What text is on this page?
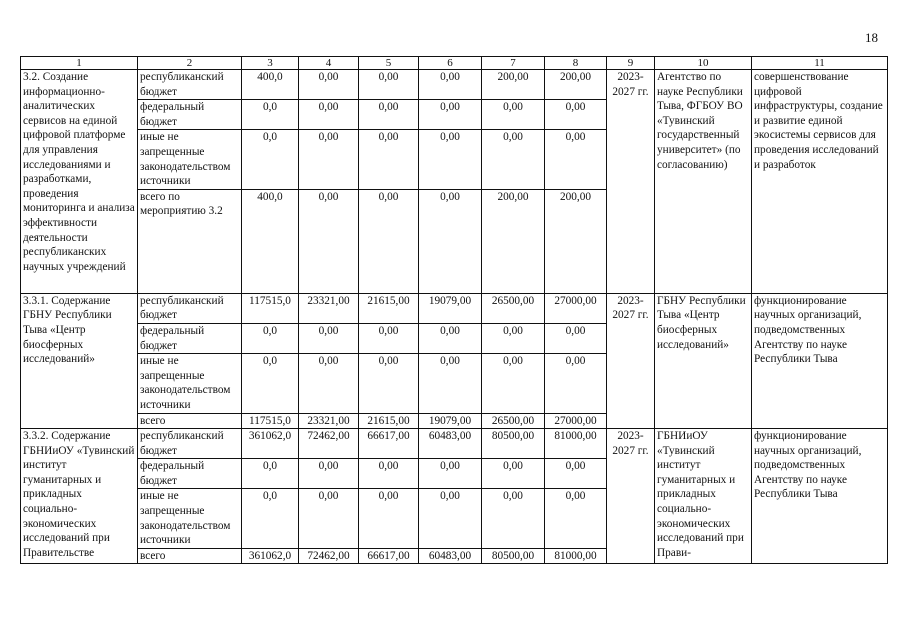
18
1	2	3	4	5	6	7	8	9	10	11
3.2. Создание информационно-аналитических сервисов на единой цифровой платформе для управления исследованиями и разработками, проведения мониторинга и анализа эффективности деятельности республиканских научных учреждений	республиканский бюджет	400,0	0,00	0,00	0,00	200,00	200,00	2023-2027 гг.	Агентство по науке Республики Тыва, ФГБОУ ВО «Тувинский государственный университет» (по согласованию)	совершенствование цифровой инфраструктуры, создание и развитие единой экосистемы сервисов для проведения исследований и разработок
	федеральный бюджет	0,0	0,00	0,00	0,00	0,00	0,00			
	иные не запрещенные законодательством источники	0,0	0,00	0,00	0,00	0,00	0,00			
	всего по мероприятию 3.2	400,0	0,00	0,00	0,00	200,00	200,00			
3.3.1. Содержание ГБНУ Республики Тыва «Центр биосферных исследований»	республиканский бюджет	117515,0	23321,00	21615,00	19079,00	26500,00	27000,00	2023-2027 гг.	ГБНУ Республики Тыва «Центр биосферных исследований»	функционирование научных организаций, подведомственных Агентству по науке Республики Тыва
	федеральный бюджет	0,0	0,00	0,00	0,00	0,00	0,00			
	иные не запрещенные законодательством источники	0,0	0,00	0,00	0,00	0,00	0,00			
	всего	117515,0	23321,00	21615,00	19079,00	26500,00	27000,00			
3.3.2. Содержание ГБНИиОУ «Тувинский институт гуманитарных и прикладных социально-экономических исследований при Правительстве	республиканский бюджет	361062,0	72462,00	66617,00	60483,00	80500,00	81000,00	2023-2027 гг.	ГБНИиОУ «Тувинский институт гуманитарных и прикладных социально-экономических исследований при Прави-	функционирование научных организаций, подведомственных Агентству по науке Республики Тыва
	федеральный бюджет	0,0	0,00	0,00	0,00	0,00	0,00			
	иные не запрещенные законодательством источники	0,0	0,00	0,00	0,00	0,00	0,00			
	всего	361062,0	72462,00	66617,00	60483,00	80500,00	81000,00			
